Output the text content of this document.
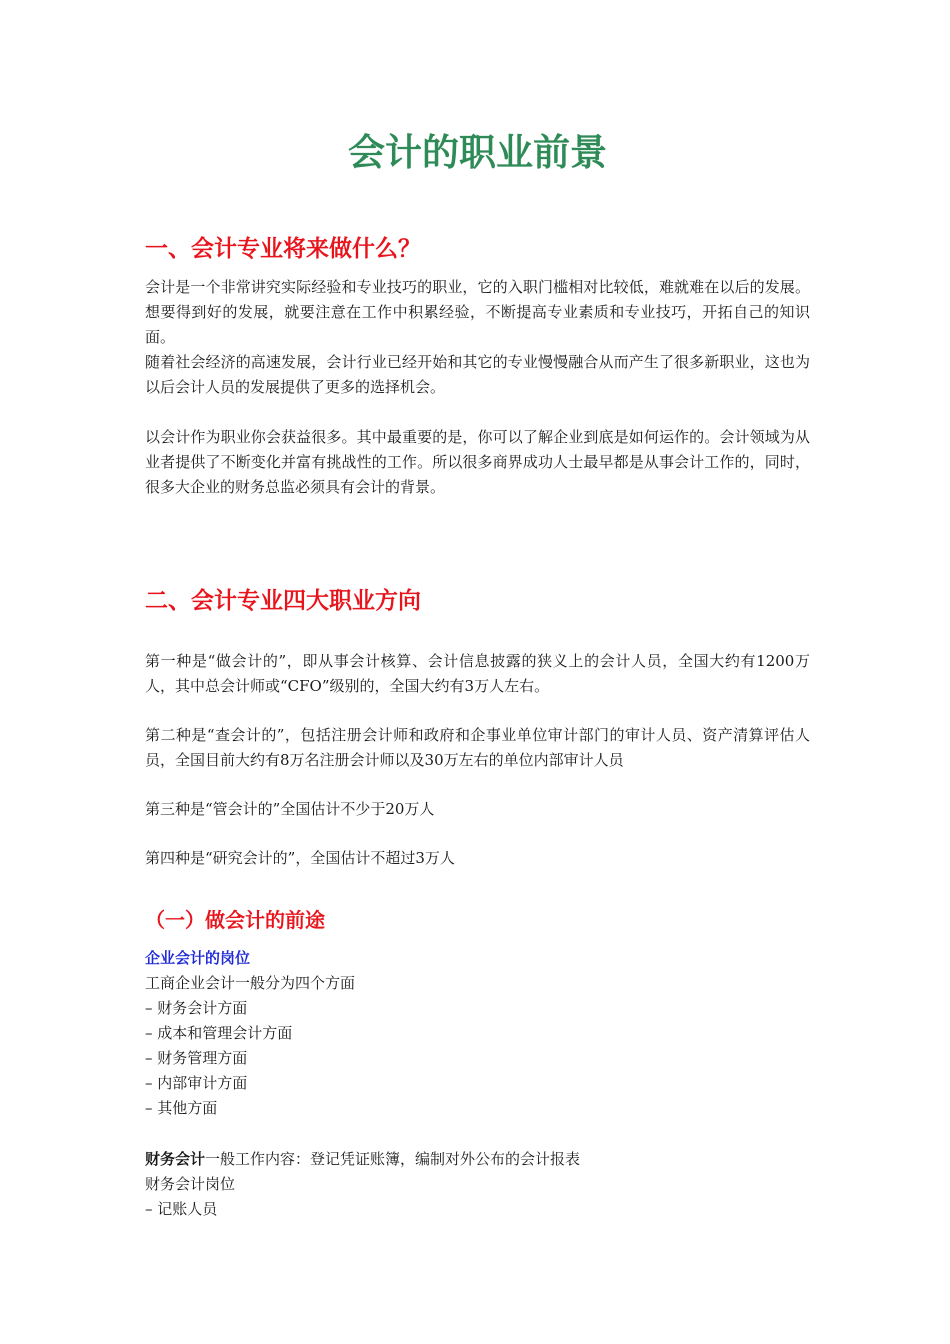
会计的职业前景
一、会计专业将来做什么？

会计是一个非常讲究实际经验和专业技巧的职业，它的入职门槛相对比较低，难就难在以后的发展。想要得到好的发展，就要注意在工作中积累经验，不断提高专业素质和专业技巧，开拓自己的知识面。

随着社会经济的高速发展，会计行业已经开始和其它的专业慢慢融合从而产生了很多新职业，这也为以后会计人员的发展提供了更多的选择机会。

以会计作为职业你会获益很多。其中最重要的是，你可以了解企业到底是如何运作的。会计领域为从业者提供了不断变化并富有挑战性的工作。所以很多商界成功人士最早都是从事会计工作的，同时，很多大企业的财务总监必须具有会计的背景。

二、会计专业四大职业方向

第一种是“做会计的”，即从事会计核算、会计信息披露的狭义上的会计人员，全国大约有1200万人，其中总会计师或“CFO”级别的，全国大约有3万人左右。

第二种是“查会计的”，包括注册会计师和政府和企事业单位审计部门的审计人员、资产清算评估人员，全国目前大约有8万名注册会计师以及30万左右的单位内部审计人员

第三种是“管会计的”全国估计不少于20万人

第四种是“研究会计的”，全国估计不超过3万人

（一）做会计的前途

企业会计的岗位

工商企业会计一般分为四个方面

– 财务会计方面

– 成本和管理会计方面

– 财务管理方面

– 内部审计方面

– 其他方面

财务会计一般工作内容：登记凭证账簿，编制对外公布的会计报表

财务会计岗位

– 记账人员
